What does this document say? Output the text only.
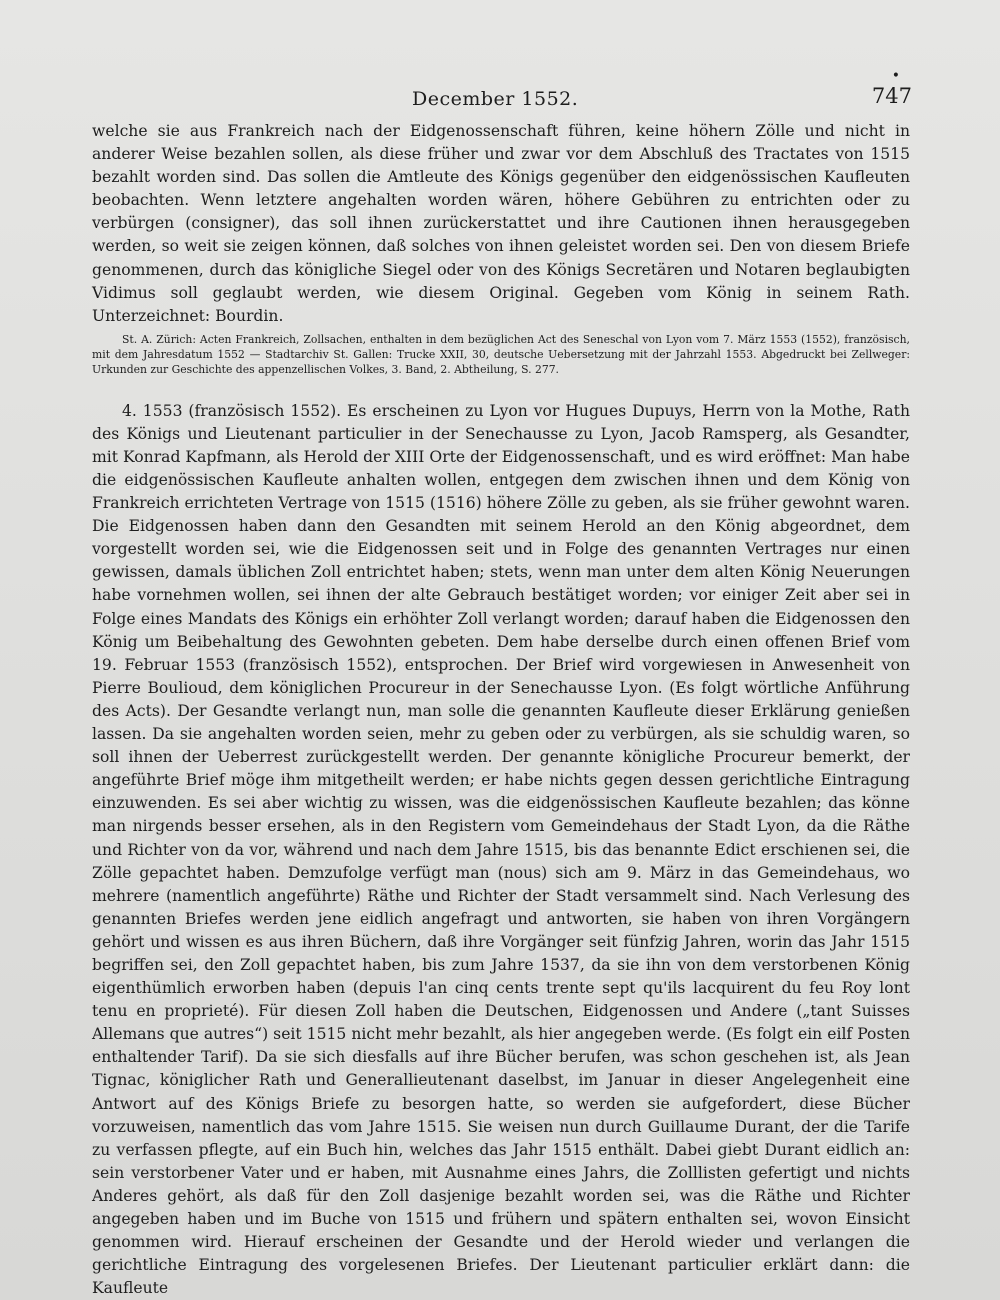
•
December 1552.	747

welche sie aus Frankreich nach der Eidgenossenschaft führen, keine höhern Zölle und nicht in anderer Weise bezahlen sollen, als diese früher und zwar vor dem Abschluß des Tractates von 1515 bezahlt worden sind. Das sollen die Amtleute des Königs gegenüber den eidgenössischen Kaufleuten beobachten. Wenn letztere angehalten worden wären, höhere Gebühren zu entrichten oder zu verbürgen (consigner), das soll ihnen zurückerstattet und ihre Cautionen ihnen herausgegeben werden, so weit sie zeigen können, daß solches von ihnen geleistet worden sei. Den von diesem Briefe genommenen, durch das königliche Siegel oder von des Königs Secretären und Notaren beglaubigten Vidimus soll geglaubt werden, wie diesem Original. Gegeben vom König in seinem Rath. Unterzeichnet: Bourdin.

St. A. Zürich: Acten Frankreich, Zollsachen, enthalten in dem bezüglichen Act des Seneschal von Lyon vom 7. März 1553 (1552), französisch, mit dem Jahresdatum 1552 — Stadtarchiv St. Gallen: Trucke XXII, 30, deutsche Uebersetzung mit der Jahrzahl 1553. Abgedruckt bei Zellweger: Urkunden zur Geschichte des appenzellischen Volkes, 3. Band, 2. Abtheilung, S. 277.

4. 1553 (französisch 1552). Es erscheinen zu Lyon vor Hugues Dupuys, Herrn von la Mothe, Rath des Königs und Lieutenant particulier in der Senechausse zu Lyon, Jacob Ramsperg, als Gesandter, mit Konrad Kapfmann, als Herold der XIII Orte der Eidgenossenschaft, und es wird eröffnet: Man habe die eidgenössischen Kaufleute anhalten wollen, entgegen dem zwischen ihnen und dem König von Frankreich errichteten Vertrage von 1515 (1516) höhere Zölle zu geben, als sie früher gewohnt waren. Die Eidgenossen haben dann den Gesandten mit seinem Herold an den König abgeordnet, dem vorgestellt worden sei, wie die Eidgenossen seit und in Folge des genannten Vertrages nur einen gewissen, damals üblichen Zoll entrichtet haben; stets, wenn man unter dem alten König Neuerungen habe vornehmen wollen, sei ihnen der alte Gebrauch bestätiget worden; vor einiger Zeit aber sei in Folge eines Mandats des Königs ein erhöhter Zoll verlangt worden; darauf haben die Eidgenossen den König um Beibehaltung des Gewohnten gebeten. Dem habe derselbe durch einen offenen Brief vom 19. Februar 1553 (französisch 1552), entsprochen. Der Brief wird vorgewiesen in Anwesenheit von Pierre Boulioud, dem königlichen Procureur in der Senechausse Lyon. (Es folgt wörtliche Anführung des Acts). Der Gesandte verlangt nun, man solle die genannten Kaufleute dieser Erklärung genießen lassen. Da sie angehalten worden seien, mehr zu geben oder zu verbürgen, als sie schuldig waren, so soll ihnen der Ueberrest zurückgestellt werden. Der genannte königliche Procureur bemerkt, der angeführte Brief möge ihm mitgetheilt werden; er habe nichts gegen dessen gerichtliche Eintragung einzuwenden. Es sei aber wichtig zu wissen, was die eidgenössischen Kaufleute bezahlen; das könne man nirgends besser ersehen, als in den Registern vom Gemeindehaus der Stadt Lyon, da die Räthe und Richter von da vor, während und nach dem Jahre 1515, bis das benannte Edict erschienen sei, die Zölle gepachtet haben. Demzufolge verfügt man (nous) sich am 9. März in das Gemeindehaus, wo mehrere (namentlich angeführte) Räthe und Richter der Stadt versammelt sind. Nach Verlesung des genannten Briefes werden jene eidlich angefragt und antworten, sie haben von ihren Vorgängern gehört und wissen es aus ihren Büchern, daß ihre Vorgänger seit fünfzig Jahren, worin das Jahr 1515 begriffen sei, den Zoll gepachtet haben, bis zum Jahre 1537, da sie ihn von dem verstorbenen König eigenthümlich erworben haben (depuis l'an cinq cents trente sept qu'ils lacquirent du feu Roy lont tenu en proprieté). Für diesen Zoll haben die Deutschen, Eidgenossen und Andere („tant Suisses Allemans que autres“) seit 1515 nicht mehr bezahlt, als hier angegeben werde. (Es folgt ein eilf Posten enthaltender Tarif). Da sie sich diesfalls auf ihre Bücher berufen, was schon geschehen ist, als Jean Tignac, königlicher Rath und Generallieutenant daselbst, im Januar in dieser Angelegenheit eine Antwort auf des Königs Briefe zu besorgen hatte, so werden sie aufgefordert, diese Bücher vorzuweisen, namentlich das vom Jahre 1515. Sie weisen nun durch Guillaume Durant, der die Tarife zu verfassen pflegte, auf ein Buch hin, welches das Jahr 1515 enthält. Dabei giebt Durant eidlich an: sein verstorbener Vater und er haben, mit Ausnahme eines Jahrs, die Zolllisten gefertigt und nichts Anderes gehört, als daß für den Zoll dasjenige bezahlt worden sei, was die Räthe und Richter angegeben haben und im Buche von 1515 und frühern und spätern enthalten sei, wovon Einsicht genommen wird. Hierauf erscheinen der Gesandte und der Herold wieder und verlangen die gerichtliche Eintragung des vorgelesenen Briefes. Der Lieutenant particulier erklärt dann: die Kaufleute
